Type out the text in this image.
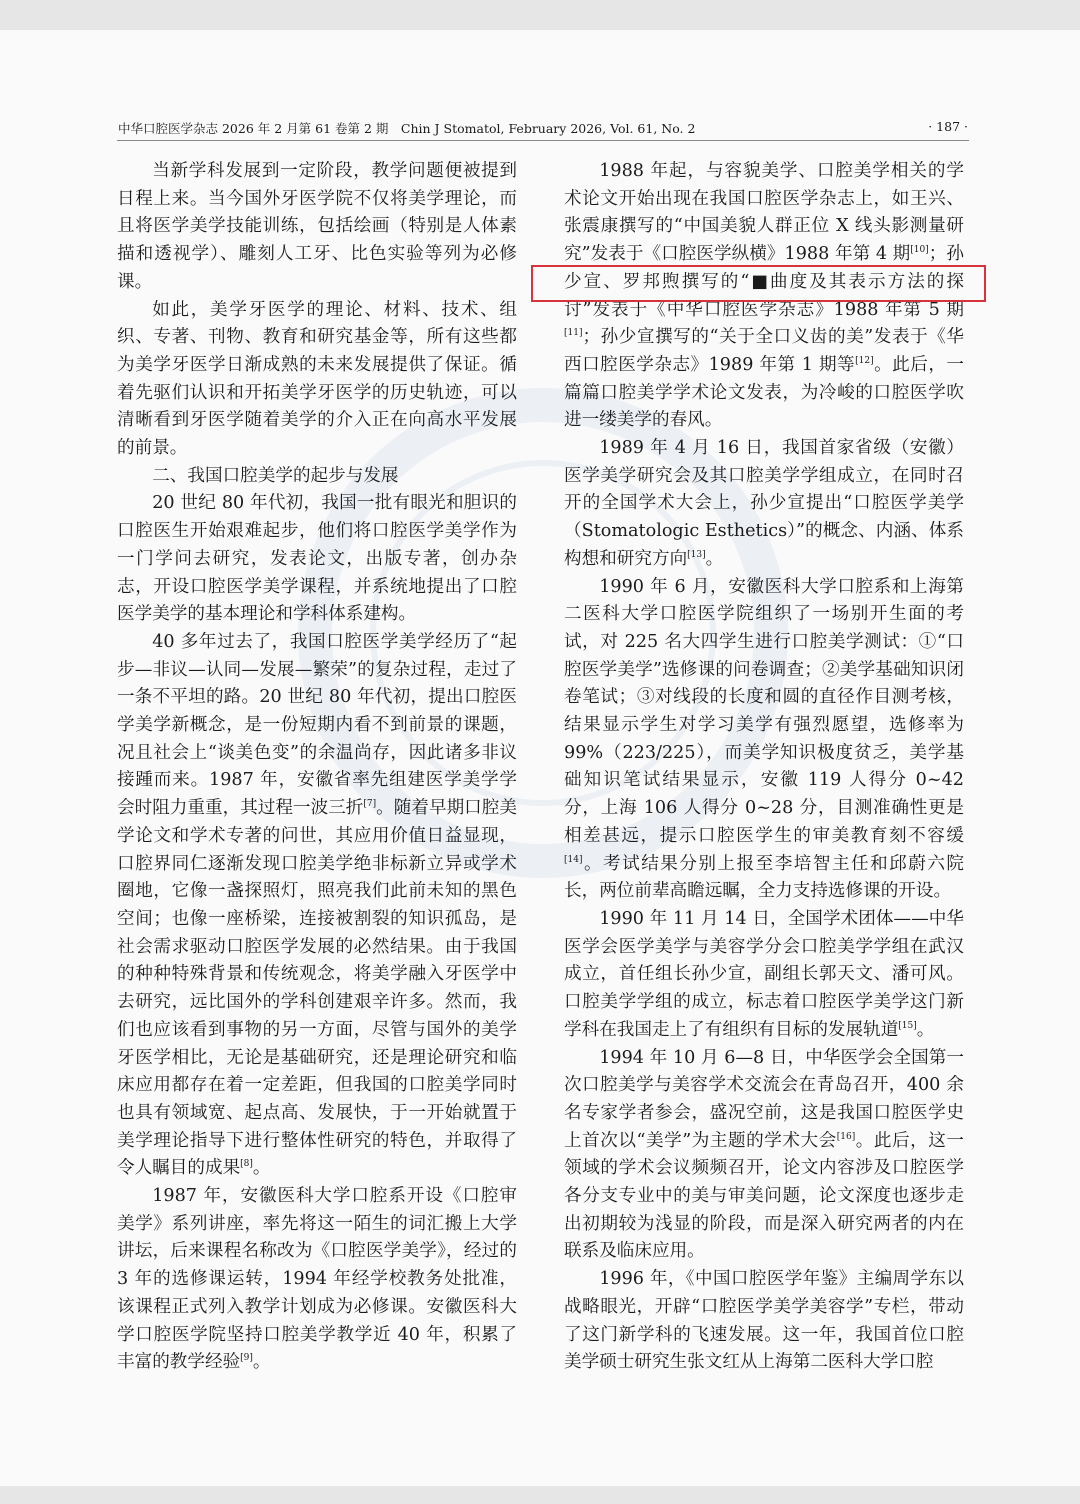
中华口腔医学杂志 2026 年 2 月第 61 卷第 2 期　Chin J Stomatol, February 2026, Vol. 61, No. 2	· 187 ·

当新学科发展到一定阶段，教学问题便被提到日程上来。当今国外牙医学院不仅将美学理论，而且将医学美学技能训练，包括绘画（特别是人体素描和透视学）、雕刻人工牙、比色实验等列为必修课。

如此，美学牙医学的理论、材料、技术、组织、专著、刊物、教育和研究基金等，所有这些都为美学牙医学日渐成熟的未来发展提供了保证。循着先驱们认识和开拓美学牙医学的历史轨迹，可以清晰看到牙医学随着美学的介入正在向高水平发展的前景。

二、我国口腔美学的起步与发展

20 世纪 80 年代初，我国一批有眼光和胆识的口腔医生开始艰难起步，他们将口腔医学美学作为一门学问去研究，发表论文，出版专著，创办杂志，开设口腔医学美学课程，并系统地提出了口腔医学美学的基本理论和学科体系建构。

40 多年过去了，我国口腔医学美学经历了“起步—非议—认同—发展—繁荣”的复杂过程，走过了一条不平坦的路。20 世纪 80 年代初，提出口腔医学美学新概念，是一份短期内看不到前景的课题，况且社会上“谈美色变”的余温尚存，因此诸多非议接踵而来。1987 年，安徽省率先组建医学美学学会时阻力重重，其过程一波三折[7]。随着早期口腔美学论文和学术专著的问世，其应用价值日益显现，口腔界同仁逐渐发现口腔美学绝非标新立异或学术圈地，它像一盏探照灯，照亮我们此前未知的黑色空间；也像一座桥梁，连接被割裂的知识孤岛，是社会需求驱动口腔医学发展的必然结果。由于我国的种种特殊背景和传统观念，将美学融入牙医学中去研究，远比国外的学科创建艰辛许多。然而，我们也应该看到事物的另一方面，尽管与国外的美学牙医学相比，无论是基础研究，还是理论研究和临床应用都存在着一定差距，但我国的口腔美学同时也具有领域宽、起点高、发展快，于一开始就置于美学理论指导下进行整体性研究的特色，并取得了令人瞩目的成果[8]。

1987 年，安徽医科大学口腔系开设《口腔审美学》系列讲座，率先将这一陌生的词汇搬上大学讲坛，后来课程名称改为《口腔医学美学》，经过的 3 年的选修课运转，1994 年经学校教务处批准，该课程正式列入教学计划成为必修课。安徽医科大学口腔医学院坚持口腔美学教学近 40 年，积累了丰富的教学经验[9]。

1988 年起，与容貌美学、口腔美学相关的学术论文开始出现在我国口腔医学杂志上，如王兴、张震康撰写的“中国美貌人群正位 X 线头影测量研究”发表于《口腔医学纵横》1988 年第 4 期[10]；孙少宣、罗邦煦撰写的“■曲度及其表示方法的探讨”发表于《中华口腔医学杂志》1988 年第 5 期[11]；孙少宣撰写的“关于全口义齿的美”发表于《华西口腔医学杂志》1989 年第 1 期等[12]。此后，一篇篇口腔美学学术论文发表，为冷峻的口腔医学吹进一缕美学的春风。

1989 年 4 月 16 日，我国首家省级（安徽）医学美学研究会及其口腔美学学组成立，在同时召开的全国学术大会上，孙少宣提出“口腔医学美学（Stomatologic Esthetics）”的概念、内涵、体系构想和研究方向[13]。

1990 年 6 月，安徽医科大学口腔系和上海第二医科大学口腔医学院组织了一场别开生面的考试，对 225 名大四学生进行口腔美学测试：①“口腔医学美学”选修课的问卷调查；②美学基础知识闭卷笔试；③对线段的长度和圆的直径作目测考核，结果显示学生对学习美学有强烈愿望，选修率为 99%（223/225），而美学知识极度贫乏，美学基础知识笔试结果显示，安徽 119 人得分 0~42 分，上海 106 人得分 0~28 分，目测准确性更是相差甚远，提示口腔医学生的审美教育刻不容缓[14]。考试结果分别上报至李培智主任和邱蔚六院长，两位前辈高瞻远瞩，全力支持选修课的开设。

1990 年 11 月 14 日，全国学术团体——中华医学会医学美学与美容学分会口腔美学学组在武汉成立，首任组长孙少宣，副组长郭天文、潘可风。口腔美学学组的成立，标志着口腔医学美学这门新学科在我国走上了有组织有目标的发展轨道[15]。

1994 年 10 月 6—8 日，中华医学会全国第一次口腔美学与美容学术交流会在青岛召开，400 余名专家学者参会，盛况空前，这是我国口腔医学史上首次以“美学”为主题的学术大会[16]。此后，这一领域的学术会议频频召开，论文内容涉及口腔医学各分支专业中的美与审美问题，论文深度也逐步走出初期较为浅显的阶段，而是深入研究两者的内在联系及临床应用。

1996 年，《中国口腔医学年鉴》主编周学东以战略眼光，开辟“口腔医学美学美容学”专栏，带动了这门新学科的飞速发展。这一年，我国首位口腔美学硕士研究生张文红从上海第二医科大学口腔
